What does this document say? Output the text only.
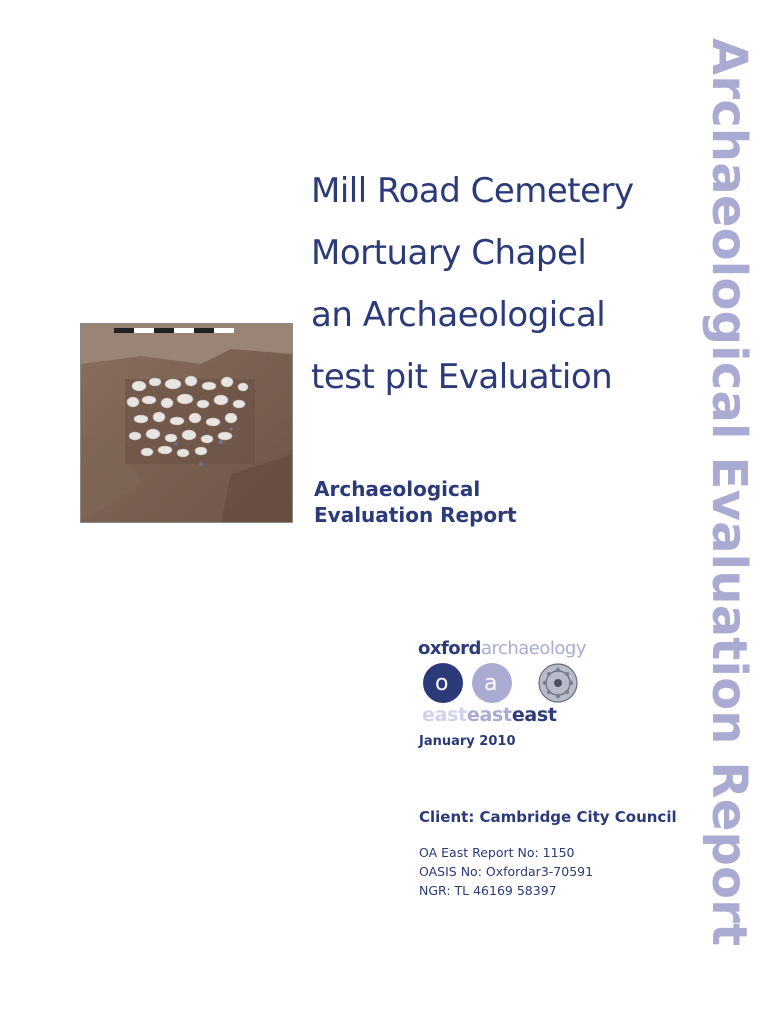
Archaeological Evaluation Report
Mill Road Cemetery
Mortuary Chapel
an Archaeological
test pit Evaluation
Archaeological
Evaluation Report
oxfordarchaeology
o a
easteasteast
January 2010
Client: Cambridge City Council
OA East Report No: 1150
OASIS No: Oxfordar3-70591
NGR: TL 46169 58397
